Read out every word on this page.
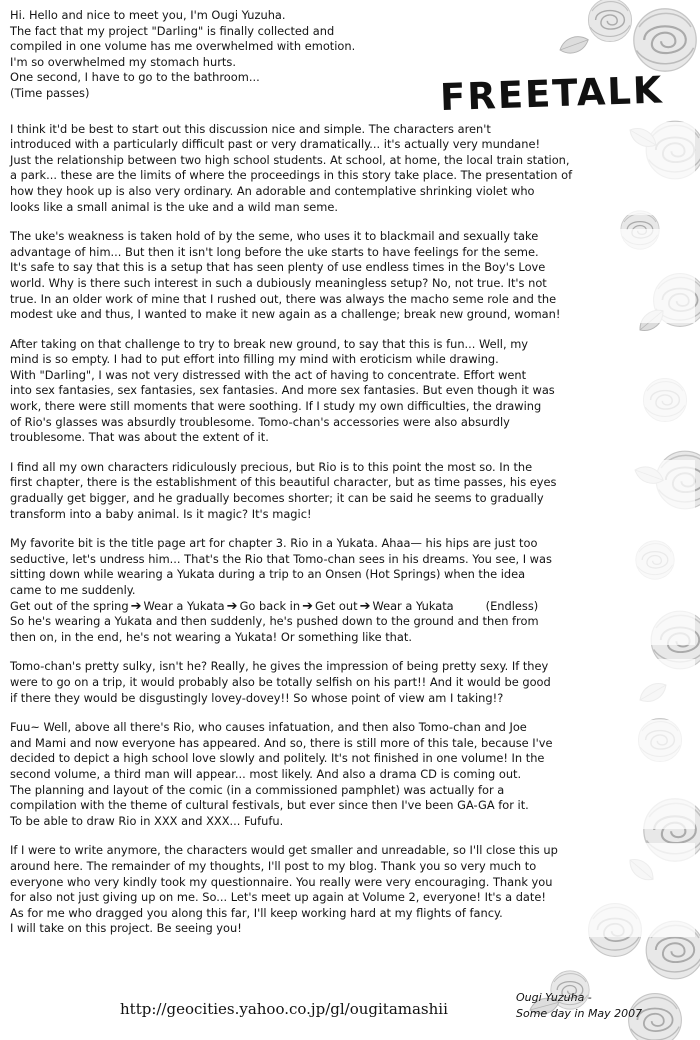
FREETALK

Hi. Hello and nice to meet you, I'm Ougi Yuzuha.

The fact that my project "Darling" is finally collected and

compiled in one volume has me overwhelmed with emotion.

I'm so overwhelmed my stomach hurts.

One second, I have to go to the bathroom...

(Time passes)

I think it'd be best to start out this discussion nice and simple. The characters aren't
introduced with a particularly difficult past or very dramatically... it's actually very mundane!
Just the relationship between two high school students. At school, at home, the local train station,
a park... these are the limits of where the proceedings in this story take place. The presentation of
how they hook up is also very ordinary. An adorable and contemplative shrinking violet who
looks like a small animal is the uke and a wild man seme.
The uke's weakness is taken hold of by the seme, who uses it to blackmail and sexually take
advantage of him... But then it isn't long before the uke starts to have feelings for the seme.
It's safe to say that this is a setup that has seen plenty of use endless times in the Boy's Love
world. Why is there such interest in such a dubiously meaningless setup? No, not true. It's not
true. In an older work of mine that I rushed out, there was always the macho seme role and the
modest uke and thus, I wanted to make it new again as a challenge; break new ground, woman!
After taking on that challenge to try to break new ground, to say that this is fun... Well, my
mind is so empty. I had to put effort into filling my mind with eroticism while drawing.
With "Darling", I was not very distressed with the act of having to concentrate. Effort went
into sex fantasies, sex fantasies, sex fantasies. And more sex fantasies. But even though it was
work, there were still moments that were soothing. If I study my own difficulties, the drawing
of Rio's glasses was absurdly troublesome. Tomo-chan's accessories were also absurdly
troublesome. That was about the extent of it.
I find all my own characters ridiculously precious, but Rio is to this point the most so. In the
first chapter, there is the establishment of this beautiful character, but as time passes, his eyes
gradually get bigger, and he gradually becomes shorter; it can be said he seems to gradually
transform into a baby animal. Is it magic? It's magic!
My favorite bit is the title page art for chapter 3. Rio in a Yukata. Ahaa— his hips are just too
seductive, let's undress him... That's the Rio that Tomo-chan sees in his dreams. You see, I was
sitting down while wearing a Yukata during a trip to an Onsen (Hot Springs) when the idea
came to me suddenly.
Get out of the spring ➔ Wear a Yukata ➔ Go back in ➔ Get out ➔ Wear a Yukata	(Endless)
So he's wearing a Yukata and then suddenly, he's pushed down to the ground and then from
then on, in the end, he's not wearing a Yukata! Or something like that.
Tomo-chan's pretty sulky, isn't he? Really, he gives the impression of being pretty sexy. If they
were to go on a trip, it would probably also be totally selfish on his part!! And it would be good
if there they would be disgustingly lovey-dovey!! So whose point of view am I taking!?
Fuu~ Well, above all there's Rio, who causes infatuation, and then also Tomo-chan and Joe
and Mami and now everyone has appeared. And so, there is still more of this tale, because I've
decided to depict a high school love slowly and politely. It's not finished in one volume! In the
second volume, a third man will appear... most likely. And also a drama CD is coming out.
The planning and layout of the comic (in a commissioned pamphlet) was actually for a
compilation with the theme of cultural festivals, but ever since then I've been GA-GA for it.
To be able to draw Rio in XXX and XXX... Fufufu.
If I were to write anymore, the characters would get smaller and unreadable, so I'll close this up
around here. The remainder of my thoughts, I'll post to my blog. Thank you so very much to
everyone who very kindly took my questionnaire. You really were very encouraging. Thank you
for also not just giving up on me. So... Let's meet up again at Volume 2, everyone! It's a date!
As for me who dragged you along this far, I'll keep working hard at my flights of fancy.
I will take on this project. Be seeing you!
http://geocities.yahoo.co.jp/gl/ougitamashii
Ougi Yuzuha -
Some day in May 2007
